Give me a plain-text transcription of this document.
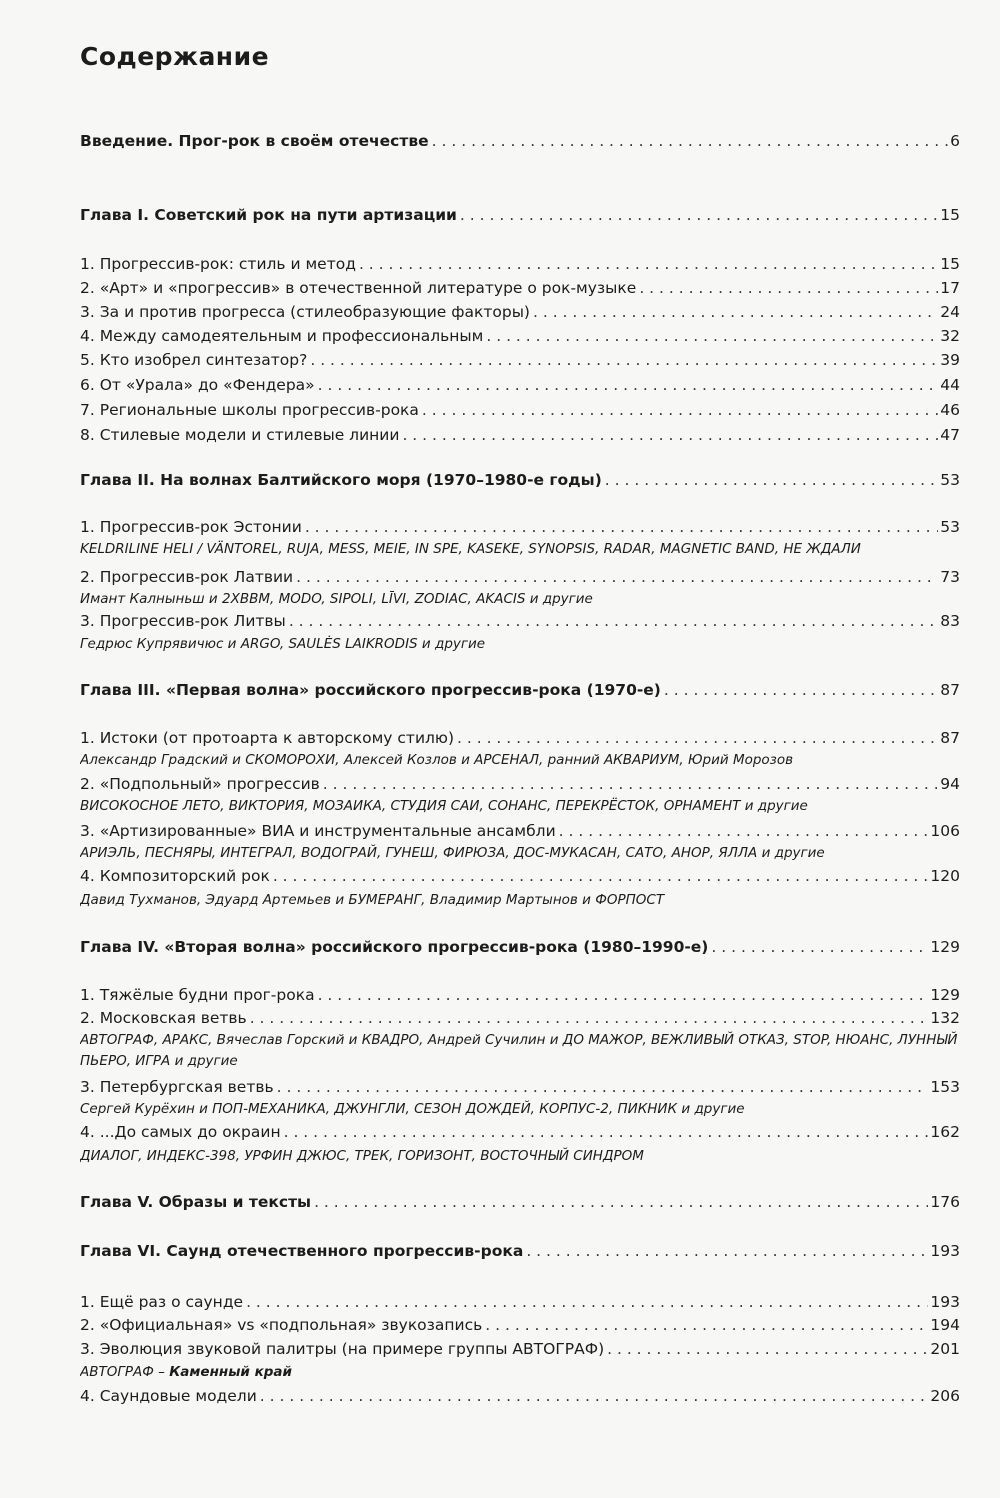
Содержание
Введение. Прог-рок в своём отечестве . . .	6
Глава I. Советский рок на пути артизации . . .	15
1. Прогрессив-рок: стиль и метод . . .	15
2. «Арт» и «прогрессив» в отечественной литературе о рок-музыке . . .	17
3. За и против прогресса (стилеобразующие факторы) . . .	24
4. Между самодеятельным и профессиональным . . .	32
5. Кто изобрел синтезатор? . . .	39
6. От «Урала» до «Фендера» . . .	44
7. Региональные школы прогрессив-рока . . .	46
8. Стилевые модели и стилевые линии . . .	47
Глава II. На волнах Балтийского моря (1970–1980-е годы) . . .	53
1. Прогрессив-рок Эстонии . . .	53
KELDRILINE HELI / VÄNTOREL, RUJA, MESS, MEIE, IN SPE, KASEKE, SYNOPSIS, RADAR, MAGNETIC BAND, НЕ ЖДАЛИ
2. Прогрессив-рок Латвии . . .	73
Имант Калныньш и 2XBBM, MODO, SIPOLI, LĪVI, ZODIAC, AKACIS и другие
3. Прогрессив-рок Литвы . . .	83
Гедрюс Купрявичюс и ARGO, SAULĖS LAIKRODIS и другие
Глава III. «Первая волна» российского прогрессив-рока (1970-е) . . .	87
1. Истоки (от протоарта к авторскому стилю) . . .	87
Александр Градский и СКОМОРОХИ, Алексей Козлов и АРСЕНАЛ, ранний АКВАРИУМ, Юрий Морозов
2. «Подпольный» прогрессив . . .	94
ВИСОКОСНОЕ ЛЕТО, ВИКТОРИЯ, МОЗАИКА, СТУДИЯ САИ, СОНАНС, ПЕРЕКРЁСТОК, ОРНАМЕНТ и другие
3. «Артизированные» ВИА и инструментальные ансамбли . . .	106
АРИЭЛЬ, ПЕСНЯРЫ, ИНТЕГРАЛ, ВОДОГРАЙ, ГУНЕШ, ФИРЮЗА, ДОС-МУКАСАН, САТО, АНОР, ЯЛЛА и другие
4. Композиторский рок . . .	120
Давид Тухманов, Эдуард Артемьев и БУМЕРАНГ, Владимир Мартынов и ФОРПОСТ
Глава IV. «Вторая волна» российского прогрессив-рока (1980–1990-е) . . .	129
1. Тяжёлые будни прог-рока . . .	129
2. Московская ветвь . . .	132
АВТОГРАФ, АРАКС, Вячеслав Горский и КВАДРО, Андрей Сучилин и ДО МАЖОР, ВЕЖЛИВЫЙ ОТКАЗ, STOP, НЮАНС, ЛУННЫЙ ПЬЕРО, ИГРА и другие
3. Петербургская ветвь . . .	153
Сергей Курёхин и ПОП-МЕХАНИКА, ДЖУНГЛИ, СЕЗОН ДОЖДЕЙ, КОРПУС-2, ПИКНИК и другие
4. ...До самых до окраин . . .	162
ДИАЛОГ, ИНДЕКС-398, УРФИН ДЖЮС, ТРЕК, ГОРИЗОНТ, ВОСТОЧНЫЙ СИНДРОМ
Глава V. Образы и тексты . . .	176
Глава VI. Саунд отечественного прогрессив-рока . . .	193
1. Ещё раз о саунде . . .	193
2. «Официальная» vs «подпольная» звукозапись . . .	194
3. Эволюция звуковой палитры (на примере группы АВТОГРАФ) . . .	201
АВТОГРАФ – Каменный край
4. Саундовые модели . . .	206
